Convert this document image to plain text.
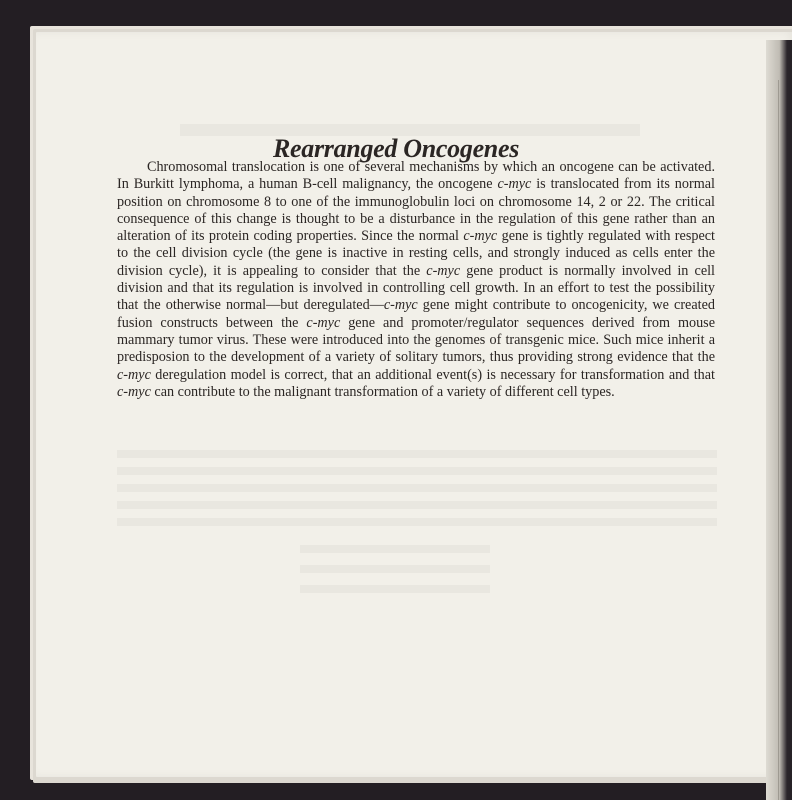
Rearranged Oncogenes

Chromosomal translocation is one of several mechanisms by which an oncogene can be activated. In Burkitt lymphoma, a human B-cell malignancy, the oncogene c-myc is translocated from its normal position on chromosome 8 to one of the immunoglobulin loci on chromosome 14, 2 or 22. The critical consequence of this change is thought to be a disturbance in the regulation of this gene rather than an alteration of its protein coding properties. Since the normal c-myc gene is tightly regulated with respect to the cell division cycle (the gene is inactive in resting cells, and strongly induced as cells enter the division cycle), it is appealing to consider that the c-myc gene product is normally involved in cell division and that its regulation is involved in controlling cell growth. In an effort to test the possibility that the otherwise normal—but deregulated—c-myc gene might contribute to oncogenicity, we created fusion constructs between the c-myc gene and promoter/regulator sequences derived from mouse mammary tumor virus. These were introduced into the genomes of transgenic mice. Such mice inherit a predisposion to the development of a variety of solitary tumors, thus providing strong evidence that the c-myc deregulation model is correct, that an additional event(s) is necessary for transformation and that c-myc can contribute to the malignant transformation of a variety of different cell types.
